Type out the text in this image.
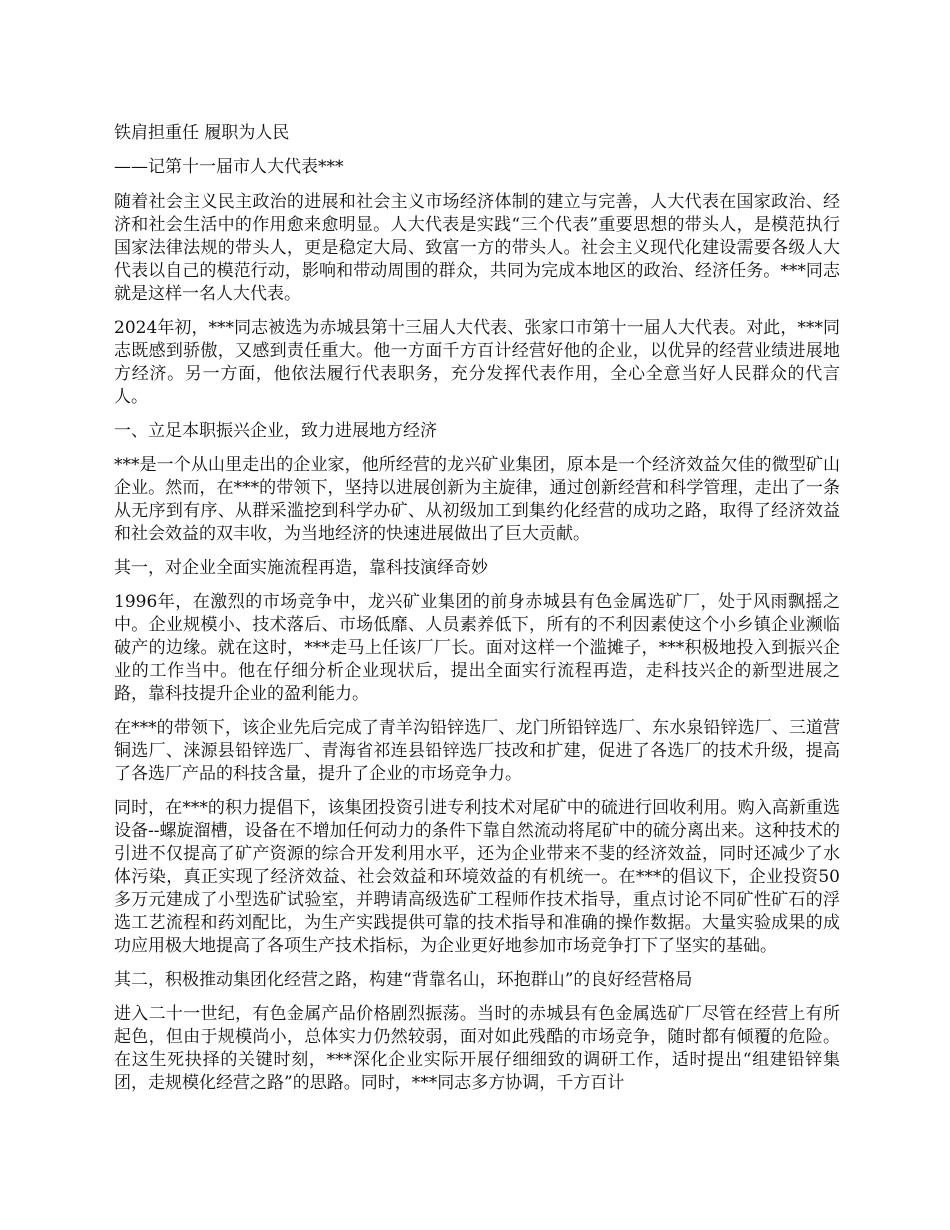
铁肩担重任 履职为人民

——记第十一届市人大代表***

随着社会主义民主政治的进展和社会主义市场经济体制的建立与完善，人大代表在国家政治、经济和社会生活中的作用愈来愈明显。人大代表是实践“三个代表”重要思想的带头人，是模范执行国家法律法规的带头人，更是稳定大局、致富一方的带头人。社会主义现代化建设需要各级人大代表以自己的模范行动，影响和带动周围的群众，共同为完成本地区的政治、经济任务。***同志就是这样一名人大代表。

2024年初，***同志被选为赤城县第十三届人大代表、张家口市第十一届人大代表。对此，***同志既感到骄傲，又感到责任重大。他一方面千方百计经营好他的企业，以优异的经营业绩进展地方经济。另一方面，他依法履行代表职务，充分发挥代表作用，全心全意当好人民群众的代言人。

一、立足本职振兴企业，致力进展地方经济

***是一个从山里走出的企业家，他所经营的龙兴矿业集团，原本是一个经济效益欠佳的微型矿山企业。然而，在***的带领下，坚持以进展创新为主旋律，通过创新经营和科学管理，走出了一条从无序到有序、从群采滥挖到科学办矿、从初级加工到集约化经营的成功之路，取得了经济效益和社会效益的双丰收，为当地经济的快速进展做出了巨大贡献。

其一，对企业全面实施流程再造，靠科技演绎奇妙

1996年，在激烈的市场竞争中，龙兴矿业集团的前身赤城县有色金属选矿厂，处于风雨飘摇之中。企业规模小、技术落后、市场低靡、人员素养低下，所有的不利因素使这个小乡镇企业濒临破产的边缘。就在这时，***走马上任该厂厂长。面对这样一个滥摊子，***积极地投入到振兴企业的工作当中。他在仔细分析企业现状后，提出全面实行流程再造，走科技兴企的新型进展之路，靠科技提升企业的盈利能力。

在***的带领下，该企业先后完成了青羊沟铅锌选厂、龙门所铅锌选厂、东水泉铅锌选厂、三道营铜选厂、涞源县铅锌选厂、青海省祁连县铅锌选厂技改和扩建，促进了各选厂的技术升级，提高了各选厂产品的科技含量，提升了企业的市场竞争力。

同时，在***的积力提倡下，该集团投资引进专利技术对尾矿中的硫进行回收利用。购入高新重选设备--螺旋溜槽，设备在不增加任何动力的条件下靠自然流动将尾矿中的硫分离出来。这种技术的引进不仅提高了矿产资源的综合开发利用水平，还为企业带来不斐的经济效益，同时还减少了水体污染，真正实现了经济效益、社会效益和环境效益的有机统一。在***的倡议下，企业投资50多万元建成了小型选矿试验室，并聘请高级选矿工程师作技术指导，重点讨论不同矿性矿石的浮选工艺流程和药刘配比，为生产实践提供可靠的技术指导和准确的操作数据。大量实验成果的成功应用极大地提高了各项生产技术指标，为企业更好地参加市场竞争打下了坚实的基础。

其二，积极推动集团化经营之路，构建“背靠名山，环抱群山”的良好经营格局

进入二十一世纪，有色金属产品价格剧烈振荡。当时的赤城县有色金属选矿厂尽管在经营上有所起色，但由于规模尚小，总体实力仍然较弱，面对如此残酷的市场竞争，随时都有倾覆的危险。在这生死抉择的关键时刻，***深化企业实际开展仔细细致的调研工作，适时提出“组建铅锌集团，走规模化经营之路”的思路。同时，***同志多方协调，千方百计
